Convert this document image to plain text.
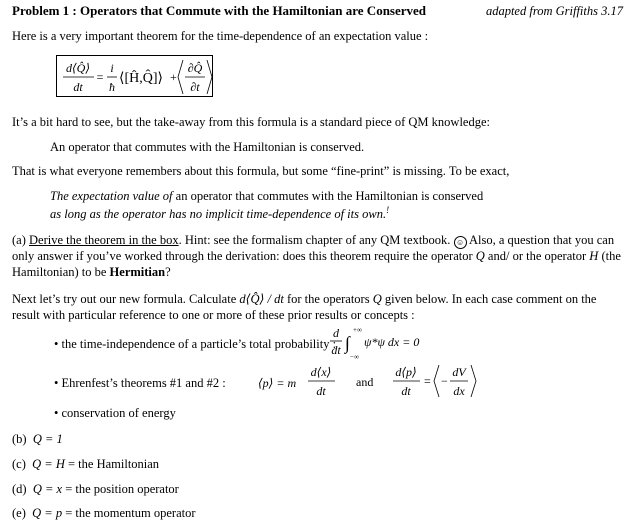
Problem 1 : Operators that Commute with the Hamiltonian are Conserved	adapted from Griffiths 3.17
Here is a very important theorem for the time-dependence of an expectation value :
d⟨Q̂⟩
dt
=
i
ħ
⟨[Ĥ,Q̂]⟩ +
∂Q̂
∂t
It’s a bit hard to see, but the take-away from this formula is a standard piece of QM knowledge:
An operator that commutes with the Hamiltonian is conserved.
That is what everyone remembers about this formula, but some “fine-print” is missing. To be exact,
The expectation value of an operator that commutes with the Hamiltonian is conserved
as long as the operator has no implicit time-dependence of its own.!
(a) Derive the theorem in the box. Hint: see the formalism chapter of any QM textbook. ☺ Also, a question that you can only answer if you’ve worked through the derivation: does this theorem require the operator Q and/ or the operator H (the Hamiltonian) to be Hermitian?
Next let’s try out our new formula. Calculate d⟨Q̂⟩ / dt for the operators Q given below. In each case comment on the result with particular reference to one or more of these prior results or concepts :
• the time-independence of a particle’s total probability :
d
dt ∫
+∞
−∞
ψ*ψ dx = 0
• Ehrenfest’s theorems #1 and #2 :	⟨p⟩ = m
d⟨x⟩
dt
and
d⟨p⟩
dt
= −
dV
dx
• conservation of energy
(b) Q = 1
(c) Q = H = the Hamiltonian
(d) Q = x = the position operator
(e) Q = p = the momentum operator
